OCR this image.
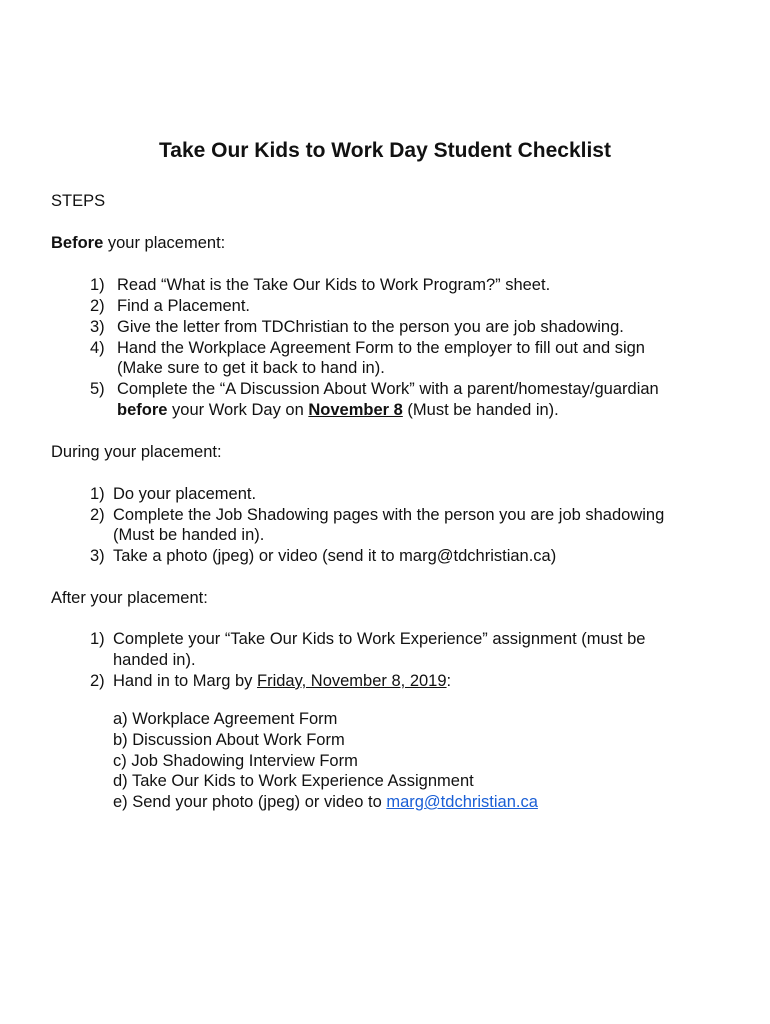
Take Our Kids to Work Day Student Checklist
STEPS
Before your placement:
1) Read “What is the Take Our Kids to Work Program?” sheet.
2) Find a Placement.
3) Give the letter from TDChristian to the person you are job shadowing.
4) Hand the Workplace Agreement Form to the employer to fill out and sign
(Make sure to get it back to hand in).
5) Complete the “A Discussion About Work” with a parent/homestay/guardian
before your Work Day on November 8 (Must be handed in).
During your placement:
1) Do your placement.
2) Complete the Job Shadowing pages with the person you are job shadowing
(Must be handed in).
3) Take a photo (jpeg) or video (send it to marg@tdchristian.ca)
After your placement:
1) Complete your “Take Our Kids to Work Experience” assignment (must be
handed in).
2) Hand in to Marg by Friday, November 8, 2019:
a) Workplace Agreement Form
b) Discussion About Work Form
c) Job Shadowing Interview Form
d) Take Our Kids to Work Experience Assignment
e) Send your photo (jpeg) or video to marg@tdchristian.ca
